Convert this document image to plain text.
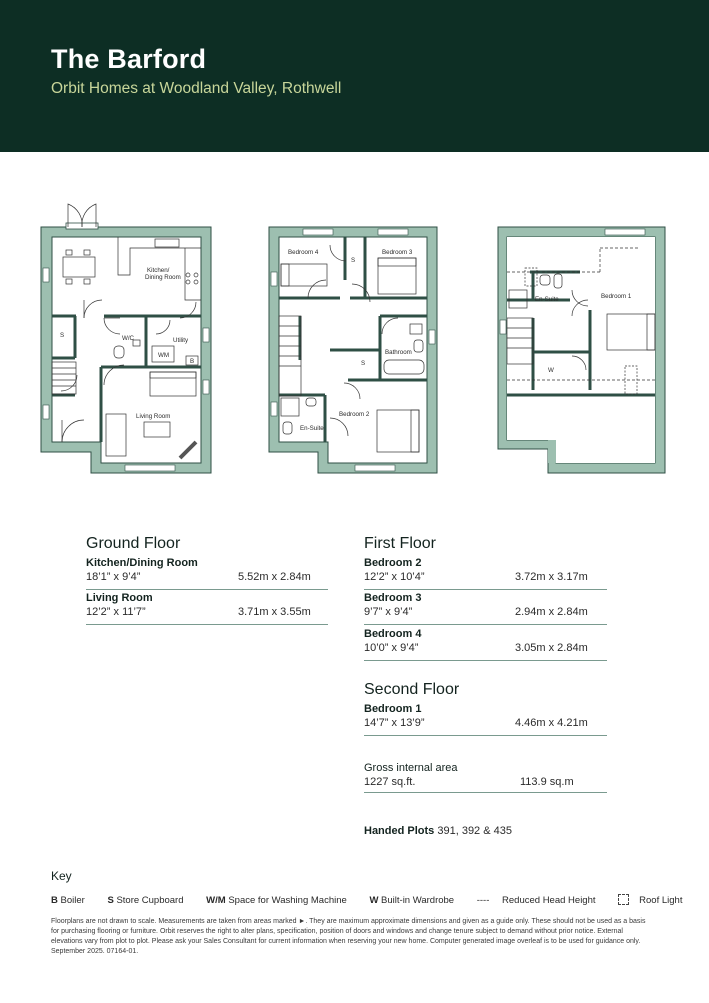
The Barford
Orbit Homes at Woodland Valley, Rothwell
Kitchen/
Dining Room
S	W/C	Utility
WM
B
Living Room
Bedroom 4	Bedroom 3
S
S
Bathroom
Bedroom 2
En-Suite
En-Suite	Bedroom 1
W
Ground Floor
Kitchen/Dining Room
18’1” x 9’4”	5.52m x 2.84m
Living Room
12’2” x 11’7”	3.71m x 3.55m
First Floor
Bedroom 2
12’2” x 10’4”	3.72m x 3.17m
Bedroom 3
9’7” x 9’4”	2.94m x 2.84m
Bedroom 4
10’0” x 9’4”	3.05m x 2.84m
Second Floor
Bedroom 1
14’7” x 13’9”	4.46m x 4.21m
Gross internal area
1227 sq.ft.	113.9 sq.m
Handed Plots 391, 392 & 435
Key
B Boiler S Store Cupboard W/M Space for Washing Machine W Built-in Wardrobe ---- Reduced Head Height	Roof Light
Floorplans are not drawn to scale. Measurements are taken from areas marked ►. They are maximum approximate dimensions and given as a guide only. These should not be used as a basis for purchasing flooring or furniture. Orbit reserves the right to alter plans, specification, position of doors and windows and change tenure subject to demand without prior notice. External elevations vary from plot to plot. Please ask your Sales Consultant for current information when reserving your new home. Computer generated image overleaf is to be used for guidance only. September 2025. 07164-01.
